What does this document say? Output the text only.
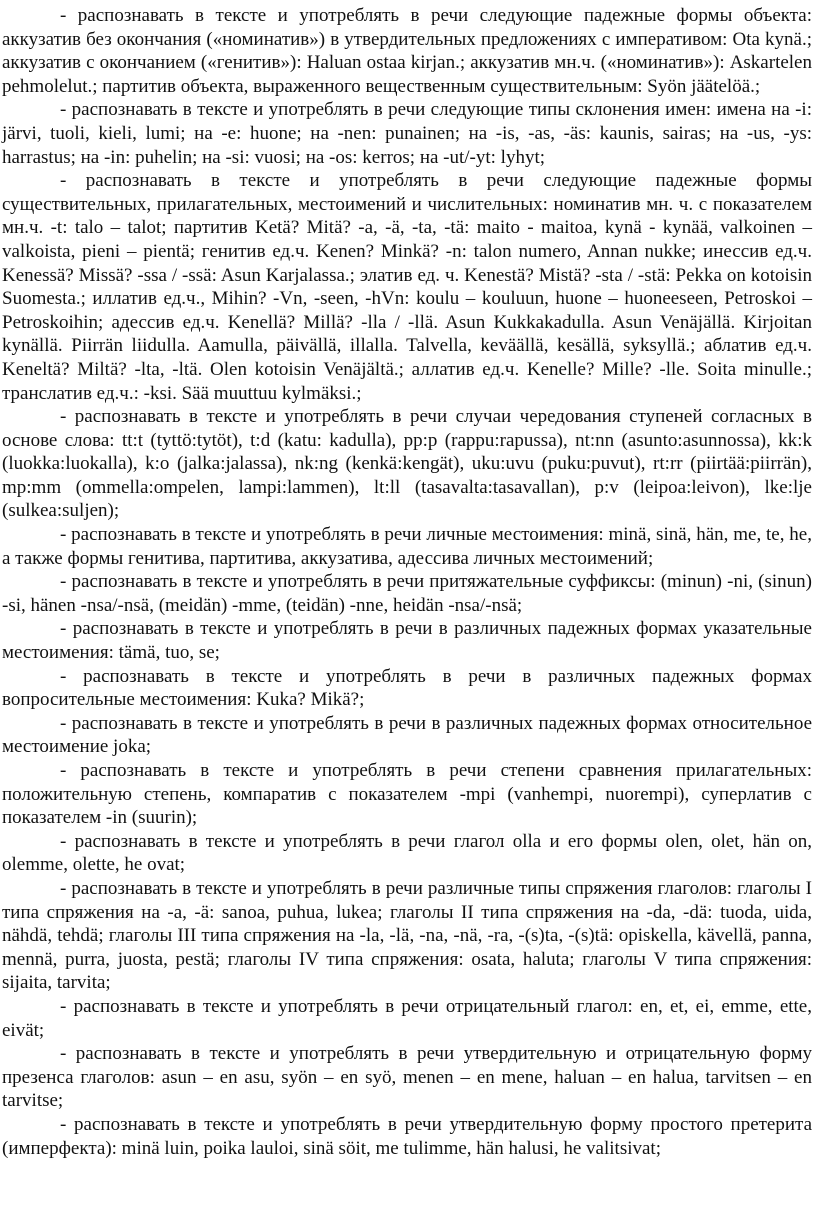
- распознавать в тексте и употреблять в речи следующие падежные формы объекта: аккузатив без окончания («номинатив») в утвердительных предложениях с императивом: Ota kynä.; аккузатив с окончанием («генитив»): Haluan ostaa kirjan.; аккузатив мн.ч. («номинатив»): Askartelen pehmolelut.; партитив объекта, выраженного вещественным существительным: Syön jäätelöä.;

- распознавать в тексте и употреблять в речи следующие типы склонения имен: имена на -i: järvi, tuoli, kieli, lumi; на -e: huone; на -nen: punainen; на -is, -as, -äs: kaunis, sairas; на -us, -ys: harrastus; на -in: puhelin; на -si: vuosi; на -os: kerros; на -ut/-yt: lyhyt;

- распознавать в тексте и употреблять в речи следующие падежные формы существительных, прилагательных, местоимений и числительных: номинатив мн. ч. с показателем мн.ч. -t: talo – talot; партитив Ketä? Mitä? -a, -ä, -ta, -tä: maito - maitoa, kynä - kynää, valkoinen – valkoista, pieni – pientä; генитив ед.ч. Kenen? Minkä? -n: talon numero, Annan nukke; инессив ед.ч. Kenessä? Missä? -ssa / -ssä: Asun Karjalassa.; элатив ед. ч. Kenestä? Mistä? -sta / -stä: Pekka on kotoisin Suomesta.; иллатив ед.ч., Mihin? -Vn, -seen, -hVn: koulu – kouluun, huone – huoneeseen, Petroskoi – Petroskoihin; адессив ед.ч. Kenellä? Millä? -lla / -llä. Asun Kukkakadulla. Asun Venäjällä. Kirjoitan kynällä. Piirrän liidulla. Aamulla, päivällä, illalla. Talvella, keväällä, kesällä, syksyllä.; аблатив ед.ч. Keneltä? Miltä? -lta, -ltä. Olen kotoisin Venäjältä.; аллатив ед.ч. Kenelle? Mille? -lle. Soita minulle.; транслатив ед.ч.: -ksi. Sää muuttuu kylmäksi.;

- распознавать в тексте и употреблять в речи случаи чередования ступеней согласных в основе слова: tt:t (tyttö:tytöt), t:d (katu: kadulla), pp:p (rappu:rapussa), nt:nn (asunto:asunnossa), kk:k (luokka:luokalla), k:o (jalka:jalassa), nk:ng (kenkä:kengät), uku:uvu (puku:puvut), rt:rr (piirtää:piirrän), mp:mm (ommella:ompelen, lampi:lammen), lt:ll (tasavalta:tasavallan), p:v (leipoa:leivon), lke:lje (sulkea:suljen);

- распознавать в тексте и употреблять в речи личные местоимения: minä, sinä, hän, me, te, he, а также формы генитива, партитива, аккузатива, адессива личных местоимений;

- распознавать в тексте и употреблять в речи притяжательные суффиксы: (minun) -ni, (sinun) -si, hänen -nsa/-nsä, (meidän) -mme, (teidän) -nne, heidän -nsa/-nsä;

- распознавать в тексте и употреблять в речи в различных падежных формах указательные местоимения: tämä, tuo, se;

- распознавать в тексте и употреблять в речи в различных падежных формах вопросительные местоимения: Kuka? Mikä?;

- распознавать в тексте и употреблять в речи в различных падежных формах относительное местоимение joka;

- распознавать в тексте и употреблять в речи степени сравнения прилагательных: положительную степень, компаратив с показателем -mpi (vanhempi, nuorempi), суперлатив с показателем -in (suurin);

- распознавать в тексте и употреблять в речи глагол olla и его формы olen, olet, hän on, olemme, olette, he ovat;

- распознавать в тексте и употреблять в речи различные типы спряжения глаголов: глаголы I типа спряжения на -a, -ä: sanoa, puhua, lukea; глаголы II типа спряжения на -da, -dä: tuoda, uida, nähdä, tehdä; глаголы III типа спряжения на -la, -lä, -na, -nä, -ra, -(s)ta, -(s)tä: opiskella, kävellä, panna, mennä, purra, juosta, pestä; глаголы IV типа спряжения: osata, haluta; глаголы V типа спряжения: sijaita, tarvita;

- распознавать в тексте и употреблять в речи отрицательный глагол: en, et, ei, emme, ette, eivät;

- распознавать в тексте и употреблять в речи утвердительную и отрицательную форму презенса глаголов: asun – en asu, syön – en syö, menen – en mene, haluan – en halua, tarvitsen – en tarvitse;

- распознавать в тексте и употреблять в речи утвердительную форму простого претерита (имперфекта): minä luin, poika lauloi, sinä söit, me tulimme, hän halusi, he valitsivat;
